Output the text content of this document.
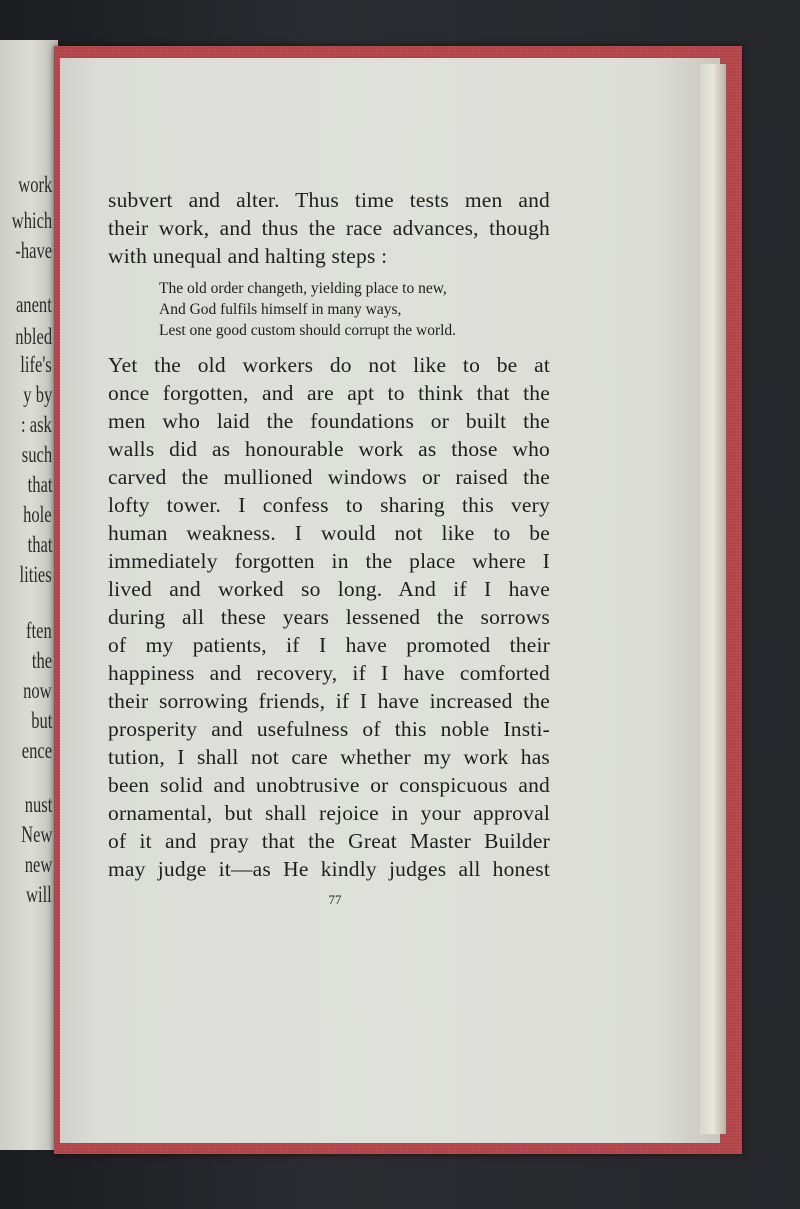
work
which
-have
anent
nbled
life's
y by
: ask
such
that
hole
that
lities
ften
the
now
but
ence
nust
New
new
will
subvert and alter. Thus time tests men and
their work, and thus the race advances, though
with unequal and halting steps :
The old order changeth, yielding place to new,
And God fulfils himself in many ways,
Lest one good custom should corrupt the world.
Yet the old workers do not like to be at
once forgotten, and are apt to think that the
men who laid the foundations or built the
walls did as honourable work as those who
carved the mullioned windows or raised the
lofty tower. I confess to sharing this very
human weakness. I would not like to be
immediately forgotten in the place where I
lived and worked so long. And if I have
during all these years lessened the sorrows
of my patients, if I have promoted their
happiness and recovery, if I have comforted
their sorrowing friends, if I have increased the
prosperity and usefulness of this noble Insti-
tution, I shall not care whether my work has
been solid and unobtrusive or conspicuous and
ornamental, but shall rejoice in your approval
of it and pray that the Great Master Builder
may judge it—as He kindly judges all honest
77
